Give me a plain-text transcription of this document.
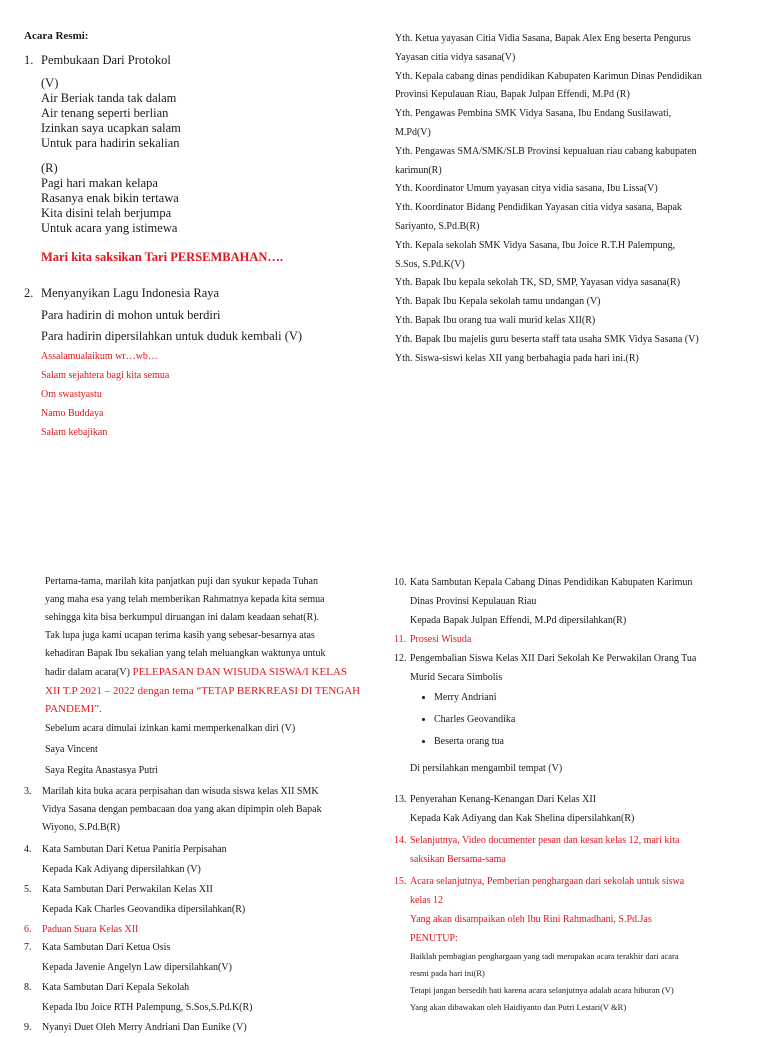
Acara Resmi:
1. Pembukaan Dari Protokol
(V)
Air Beriak tanda tak dalam
Air tenang seperti berlian
Izinkan saya ucapkan salam
Untuk para hadirin sekalian
(R)
Pagi hari makan kelapa
Rasanya enak bikin tertawa
Kita disini telah berjumpa
Untuk acara yang istimewa
Mari kita saksikan Tari PERSEMBAHAN….
2. Menyanyikan Lagu Indonesia Raya
Para hadirin di mohon untuk berdiri
Para hadirin dipersilahkan untuk duduk kembali (V)
Assalamualaikum wr…wb…
Salam sejahtera bagi kita semua
Om swastyastu
Namo Buddaya
Salam kebajikan
Yth. Ketua yayasan Citia Vidia Sasana, Bapak Alex Eng beserta Pengurus
Yayasan citia vidya sasana(V)
Yth. Kepala cabang dinas pendidikan Kabupaten Karimun Dinas Pendidikan
Provinsi Kepulauan Riau, Bapak Julpan Effendi, M.Pd (R)
Yth. Pengawas Pembina SMK Vidya Sasana, Ibu Endang Susilawati,
M.Pd(V)
Yth. Pengawas SMA/SMK/SLB Provinsi kepualuan riau cabang kabupaten
karimun(R)
Yth. Koordinator Umum yayasan citya vidia sasana, Ibu Lissa(V)
Yth. Koordinator Bidang Pendidikan Yayasan citia vidya sasana, Bapak
Sariyanto, S.Pd.B(R)
Yth. Kepala sekolah SMK Vidya Sasana, Ibu Joice R.T.H Palempung,
S.Sos, S.Pd.K(V)
Yth. Bapak Ibu kepala sekolah TK, SD, SMP, Yayasan vidya sasana(R)
Yth. Bapak Ibu Kepala sekolah tamu undangan (V)
Yth. Bapak Ibu orang tua wali murid kelas XII(R)
Yth. Bapak Ibu majelis guru beserta staff tata usaha SMK Vidya Sasana (V)
Yth. Siswa-siswi kelas XII yang berbahagia pada hari ini.(R)
Pertama-tama, marilah kita panjatkan puji dan syukur kepada Tuhan
yang maha esa yang telah memberikan Rahmatnya kepada kita semua
sehingga kita bisa berkumpul diruangan ini dalam keadaan sehat(R).
Tak lupa juga kami ucapan terima kasih yang sebesar-besarnya atas
kehadiran Bapak Ibu sekalian yang telah meluangkan waktunya untuk
hadir dalam acara(V) PELEPASAN DAN WISUDA SISWA/I KELAS
XII T.P 2021 – 2022 dengan tema “TETAP BERKREASI DI TENGAH
PANDEMI”.
Sebelum acara dimulai izinkan kami memperkenalkan diri (V)
Saya Vincent
Saya Regita Anastasya Putri
3.	Marilah kita buka acara perpisahan dan wisuda siswa kelas XII SMK
Vidya Sasana dengan pembacaan doa yang akan dipimpin oleh Bapak
Wiyono, S.Pd.B(R)
4.	Kata Sambutan Dari Ketua Panitia Perpisahan
Kepada Kak Adiyang dipersilahkan (V)
5.	Kata Sambutan Dari Perwakilan Kelas XII
Kepada Kak Charles Geovandika dipersilahkan(R)
6.	Paduan Suara Kelas XII
7.	Kata Sambutan Dari Ketua Osis
Kepada Javenie Angelyn Law dipersilahkan(V)
8.	Kata Sambutan Dari Kepala Sekolah
Kepada Ibu Joice RTH Palempung, S.Sos,S.Pd.K(R)
9.	Nyanyi Duet Oleh Merry Andriani Dan Eunike (V)
10. Kata Sambutan Kepala Cabang Dinas Pendidikan Kabupaten Karimun
Dinas Provinsi Kepulauan Riau
Kepada Bapak Julpan Effendi, M.Pd dipersilahkan(R)
11. Prosesi Wisuda
12. Pengembalian Siswa Kelas XII Dari Sekolah Ke Perwakilan Orang Tua
Murid Secara Simbolis
• Merry Andriani
• Charles Geovandika
• Beserta orang tua
Di persilahkan mengambil tempat (V)
13. Penyerahan Kenang-Kenangan Dari Kelas XII
Kepada Kak Adiyang dan Kak Shelina dipersilahkan(R)
14. Selanjutnya, Video documenter pesan dan kesan kelas 12, mari kita
saksikan Bersama-sama
15. Acara selanjutnya, Pemberian penghargaan dari sekolah untuk siswa
kelas 12
Yang akan disampaikan oleh Ibu Rini Rahmadhani, S.Pd.Jas
PENUTUP:
Baiklah pembagian penghargaan yang tadi merupakan acara terakhir dari acara
resmi pada hari ini(R)
Tetapi jangan bersedih hati karena acara selanjutnya adalah acara hiburan (V)
Yang akan dibawakan oleh Haidiyanto dan Putri Lestari(V &R)
